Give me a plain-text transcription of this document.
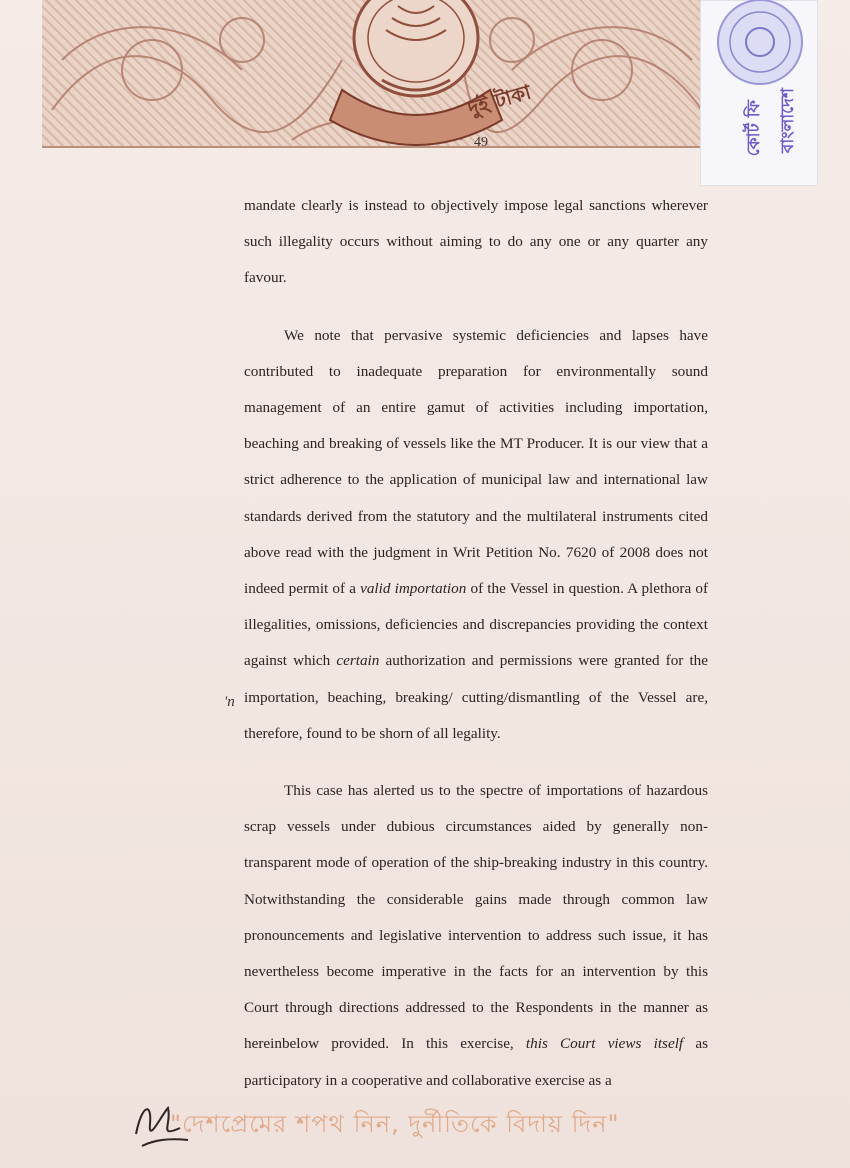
দুই টাকা
49	বাংলাদেশ
কোর্ট ফি
'n

mandate clearly is instead to objectively impose legal sanctions wherever such illegality occurs without aiming to do any one or any quarter any favour.

We note that pervasive systemic deficiencies and lapses have contributed to inadequate preparation for environmentally sound management of an entire gamut of activities including importation, beaching and breaking of vessels like the MT Producer. It is our view that a strict adherence to the application of municipal law and international law standards derived from the statutory and the multilateral instruments cited above read with the judgment in Writ Petition No. 7620 of 2008 does not indeed permit of a valid importation of the Vessel in question. A plethora of illegalities, omissions, deficiencies and discrepancies providing the context against which certain authorization and permissions were granted for the importation, beaching, breaking/ cutting/dismantling of the Vessel are, therefore, found to be shorn of all legality.

This case has alerted us to the spectre of importations of hazardous scrap vessels under dubious circumstances aided by generally non-transparent mode of operation of the ship-breaking industry in this country. Notwithstanding the considerable gains made through common law pronouncements and legislative intervention to address such issue, it has nevertheless become imperative in the facts for an intervention by this Court through directions addressed to the Respondents in the manner as hereinbelow provided. In this exercise, this Court views itself as participatory in a cooperative and collaborative exercise as a

"দেশপ্রেমের শপথ নিন, দুর্নীতিকে বিদায় দিন"
